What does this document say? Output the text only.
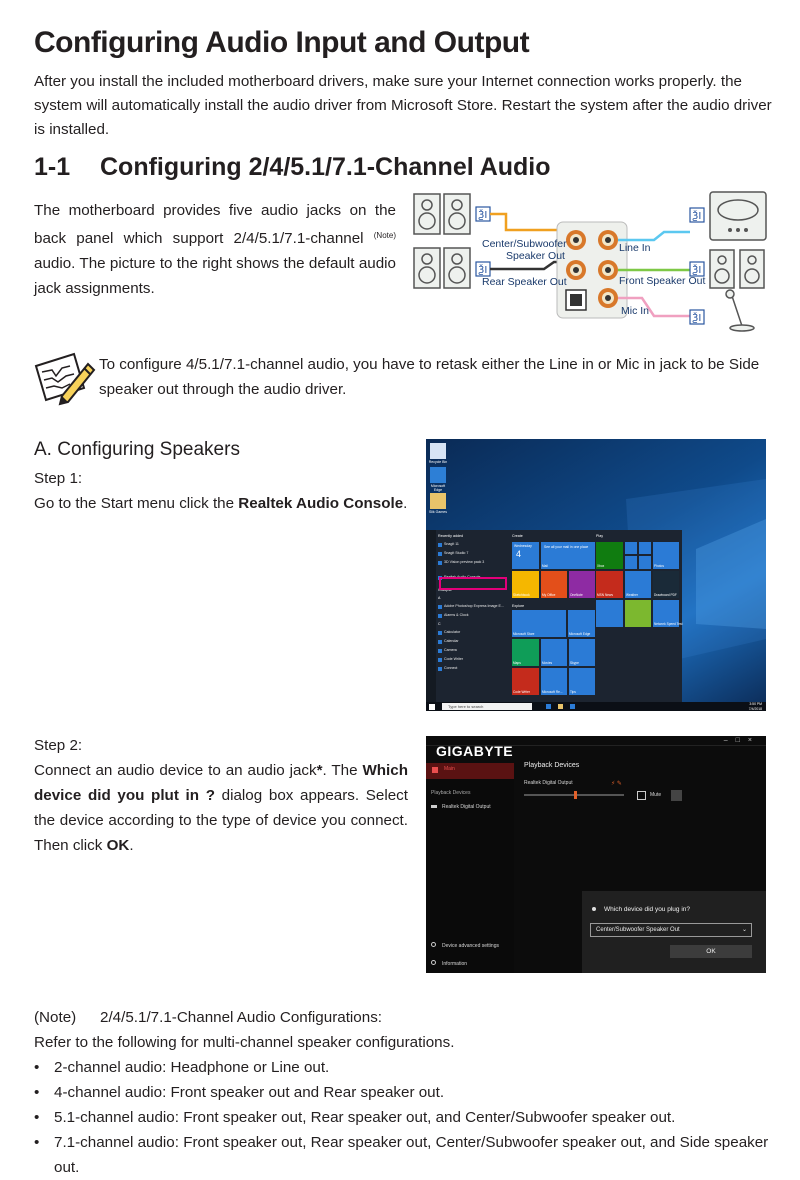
Configuring Audio Input and Output
After you install the included motherboard drivers, make sure your Internet connection works properly. the system will automatically install the audio driver from Microsoft Store. Restart the system after the audio driver is installed.
1-1 Configuring 2/4/5.1/7.1-Channel Audio
The motherboard provides five audio jacks on the back panel which support 2/4/5.1/7.1-channel $^{(Note)}$ audio. The picture to the right shows the default audio jack assignments.
ѮІ
ѮІ
ѮІ
ѮІ
ѮІ
Center/Subwoofer
Speaker Out
Rear Speaker Out
Line In
Front Speaker Out
Mic In
To configure 4/5.1/7.1-channel audio, you have to retask either the Line in or Mic in jack to be Side speaker out through the audio driver.
A. Configuring Speakers
Step 1:
Go to the Start menu click the Realtek Audio Console.
Recycle Bin
Microsoft Edge
Slik Games
Recently added
Snagit 11
Snagit Studio 7
3D Vision preview pack 3
Realtek Audio Console
Collapse ^
A
Adobe Photoshop Express Image E...
Alarms & Clock
C
Calculator
Calendar
Camera
Code Writer
Connect
Create	Play
Explore
Wednesday
4
See all your mail in one place
Mail
Sketchbook	My Office	OneNote
Xbox	Photos
MSN News	Weather	Drawboard PDF
Network Speed Test
Microsoft Store	Microsoft Edge
Maps	Movies	Skype
Code Writer	Microsoft Re... Tips
Type here to search	3:50 PM
7/4/2018
Step 2:
Connect an audio device to an audio jack*. The Which device did you plut in ? dialog box appears. Select the device according to the type of device you connect. Then click OK.
–□×
GIGABYTE
Main
Playback Devices
Realtek Digital Output
Device advanced settings
Information
Playback Devices
Realtek Digital Output	⚡ ✎
Mute
Which device did you plug in?
Center/Subwoofer Speaker Out	⌄
OK
(Note) 2/4/5.1/7.1-Channel Audio Configurations:
Refer to the following for multi-channel speaker configurations.
• 2-channel audio: Headphone or Line out.
• 4-channel audio: Front speaker out and Rear speaker out.
• 5.1-channel audio: Front speaker out, Rear speaker out, and Center/Subwoofer speaker out.
• 7.1-channel audio: Front speaker out, Rear speaker out, Center/Subwoofer speaker out, and Side speaker out.
